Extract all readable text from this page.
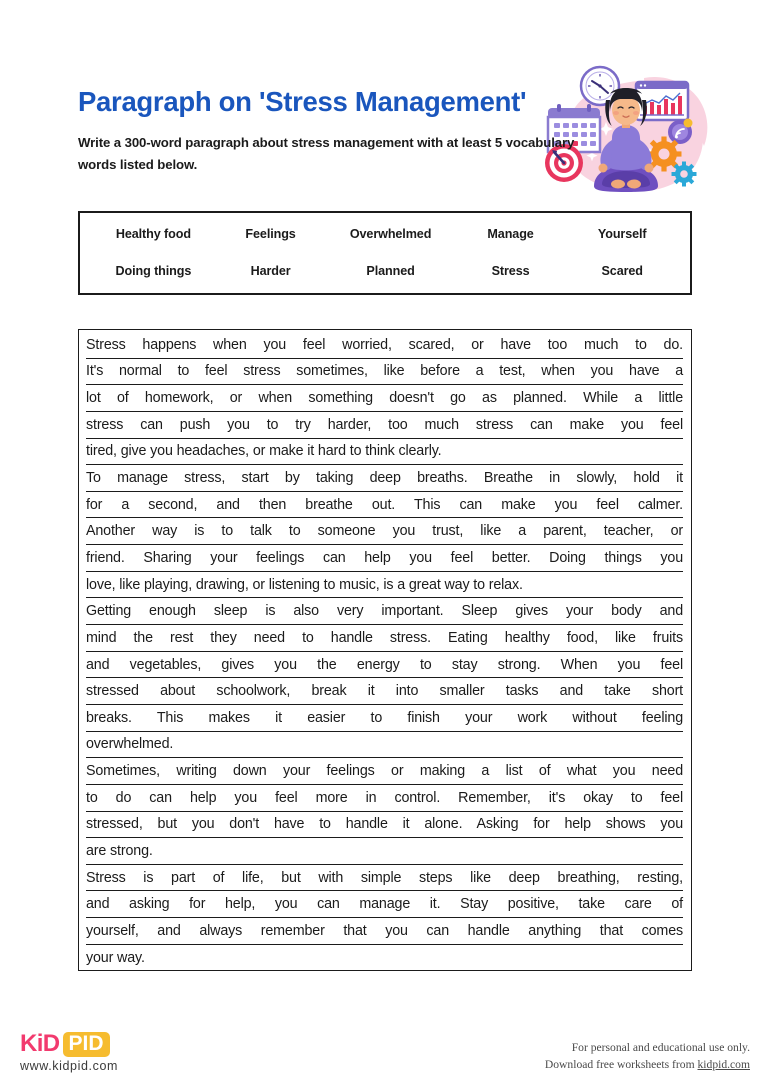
Paragraph on 'Stress Management'
Write a 300-word paragraph about stress management with at least 5 vocabulary words listed below.
Healthy food	Feelings	Overwhelmed	Manage	Yourself
Doing things	Harder	Planned	Stress	Scared
Stress happens when you feel worried, scared, or have too much to do.
It's normal to feel stress sometimes, like before a test, when you have a
lot of homework, or when something doesn't go as planned. While a little
stress can push you to try harder, too much stress can make you feel
tired, give you headaches, or make it hard to think clearly.
To manage stress, start by taking deep breaths. Breathe in slowly, hold it
for a second, and then breathe out. This can make you feel calmer.
Another way is to talk to someone you trust, like a parent, teacher, or
friend. Sharing your feelings can help you feel better. Doing things you
love, like playing, drawing, or listening to music, is a great way to relax.
Getting enough sleep is also very important. Sleep gives your body and
mind the rest they need to handle stress. Eating healthy food, like fruits
and vegetables, gives you the energy to stay strong. When you feel
stressed about schoolwork, break it into smaller tasks and take short
breaks. This makes it easier to finish your work without feeling
overwhelmed.
Sometimes, writing down your feelings or making a list of what you need
to do can help you feel more in control. Remember, it's okay to feel
stressed, but you don't have to handle it alone. Asking for help shows you
are strong.
Stress is part of life, but with simple steps like deep breathing, resting,
and asking for help, you can manage it. Stay positive, take care of
yourself, and always remember that you can handle anything that comes
your way.
KiD PID
www.kidpid.com
For personal and educational use only.
Download free worksheets from kidpid.com
